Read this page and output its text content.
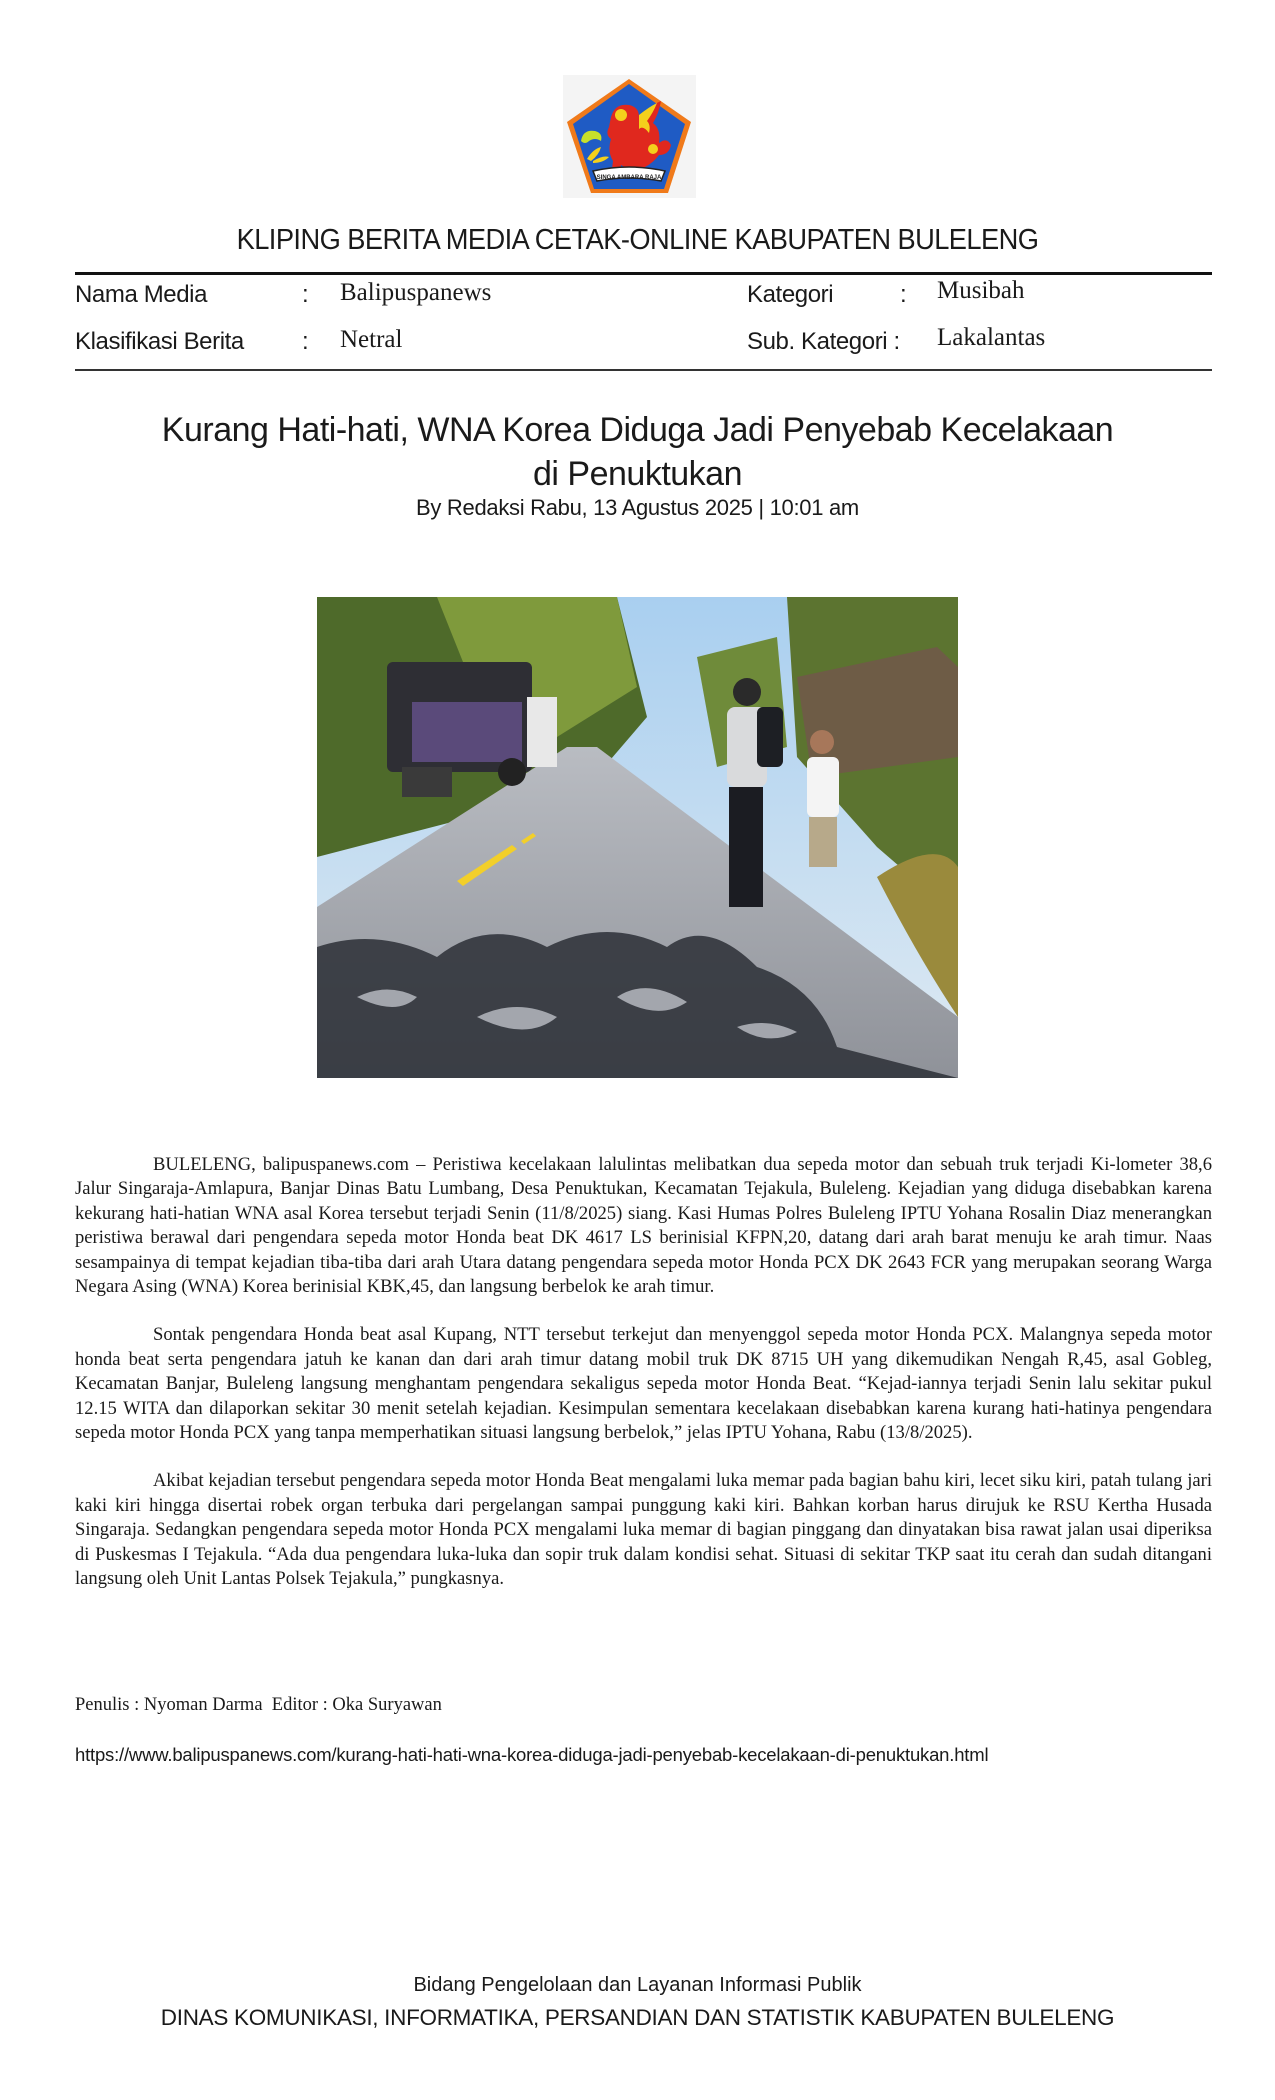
SINGA AMBARA RAJA
KLIPING BERITA MEDIA CETAK-ONLINE KABUPATEN BULELENG
Nama Media	: Balipuspanews
Klasifikasi Berita : Netral
Kategori	: Musibah
Sub. Kategori : Lakalantas
Kurang Hati-hati, WNA Korea Diduga Jadi Penyebab Kecelakaan
di Penuktukan
By Redaksi Rabu, 13 Agustus 2025 | 10:01 am

BULELENG, balipuspanews.com – Peristiwa kecelakaan lalulintas melibatkan dua sepeda motor dan sebuah truk terjadi Ki-lometer 38,6 Jalur Singaraja-Amlapura, Banjar Dinas Batu Lumbang, Desa Penuktukan, Kecamatan Tejakula, Buleleng. Kejadian yang diduga disebabkan karena kekurang hati-hatian WNA asal Korea tersebut terjadi Senin (11/8/2025) siang. Kasi Humas Polres Buleleng IPTU Yohana Rosalin Diaz menerangkan peristiwa berawal dari pengendara sepeda motor Honda beat DK 4617 LS berinisial KFPN,20, datang dari arah barat menuju ke arah timur. Naas sesampainya di tempat kejadian tiba-tiba dari arah Utara datang pengendara sepeda motor Honda PCX DK 2643 FCR yang merupakan seorang Warga Negara Asing (WNA) Korea berinisial KBK,45, dan langsung berbelok ke arah timur.

Sontak pengendara Honda beat asal Kupang, NTT tersebut terkejut dan menyenggol sepeda motor Honda PCX. Malangnya sepeda motor honda beat serta pengendara jatuh ke kanan dan dari arah timur datang mobil truk DK 8715 UH yang dikemudikan Nengah R,45, asal Gobleg, Kecamatan Banjar, Buleleng langsung menghantam pengendara sekaligus sepeda motor Honda Beat. “Kejad-iannya terjadi Senin lalu sekitar pukul 12.15 WITA dan dilaporkan sekitar 30 menit setelah kejadian. Kesimpulan sementara kecelakaan disebabkan karena kurang hati-hatinya pengendara sepeda motor Honda PCX yang tanpa memperhatikan situasi langsung berbelok,” jelas IPTU Yohana, Rabu (13/8/2025).

Akibat kejadian tersebut pengendara sepeda motor Honda Beat mengalami luka memar pada bagian bahu kiri, lecet siku kiri, patah tulang jari kaki kiri hingga disertai robek organ terbuka dari pergelangan sampai punggung kaki kiri. Bahkan korban harus dirujuk ke RSU Kertha Husada Singaraja. Sedangkan pengendara sepeda motor Honda PCX mengalami luka memar di bagian pinggang dan dinyatakan bisa rawat jalan usai diperiksa di Puskesmas I Tejakula. “Ada dua pengendara luka-luka dan sopir truk dalam kondisi sehat. Situasi di sekitar TKP saat itu cerah dan sudah ditangani langsung oleh Unit Lantas Polsek Tejakula,” pungkasnya.

Penulis : Nyoman Darma  Editor : Oka Suryawan
https://www.balipuspanews.com/kurang-hati-hati-wna-korea-diduga-jadi-penyebab-kecelakaan-di-penuktukan.html
Bidang Pengelolaan dan Layanan Informasi Publik
DINAS KOMUNIKASI, INFORMATIKA, PERSANDIAN DAN STATISTIK KABUPATEN BULELENG
